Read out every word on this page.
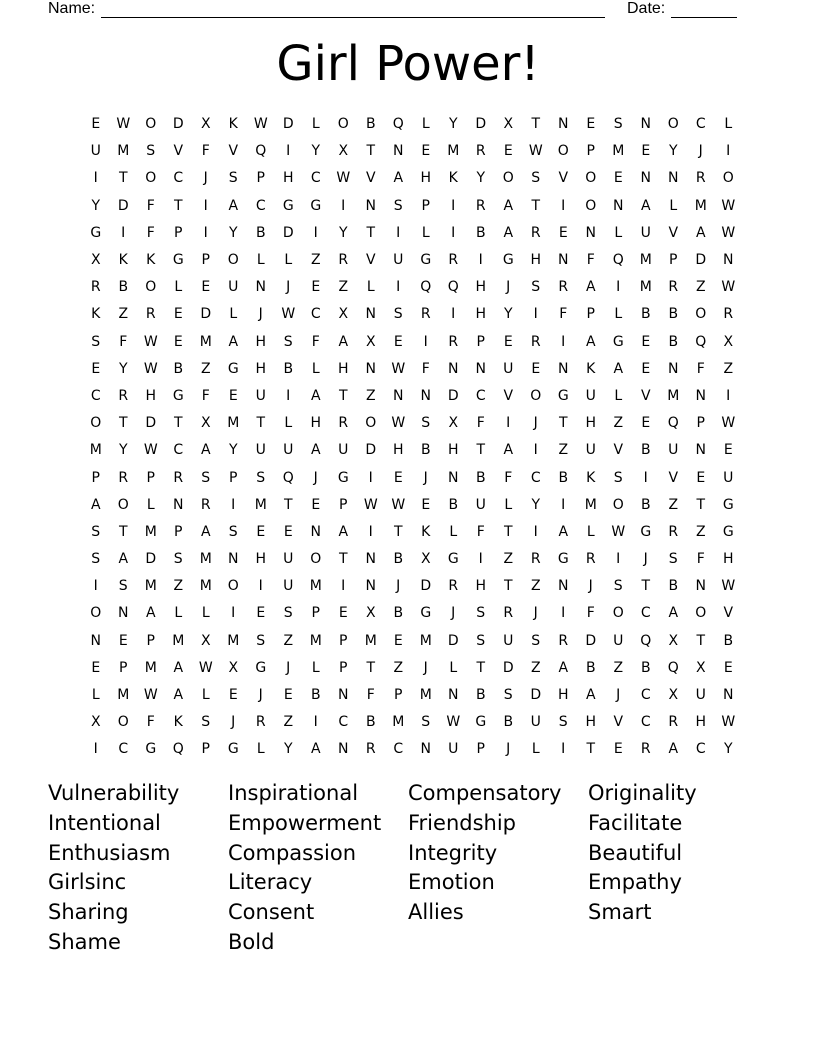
Name:	Date:
Girl Power!
E	W	O	D	X	K	W	D	L	O	B	Q	L	Y	D	X	T	N	E	S	N	O	C	L
U	M	S	V	F	V	Q	I	Y	X	T	N	E	M	R	E	W	O	P	M	E	Y	J	I
I	T	O	C	J	S	P	H	C	W	V	A	H	K	Y	O	S	V	O	E	N	N	R	O
Y	D	F	T	I	A	C	G	G	I	N	S	P	I	R	A	T	I	O	N	A	L	M	W
G	I	F	P	I	Y	B	D	I	Y	T	I	L	I	B	A	R	E	N	L	U	V	A	W
X	K	K	G	P	O	L	L	Z	R	V	U	G	R	I	G	H	N	F	Q	M	P	D	N
R	B	O	L	E	U	N	J	E	Z	L	I	Q	Q	H	J	S	R	A	I	M	R	Z	W
K	Z	R	E	D	L	J	W	C	X	N	S	R	I	H	Y	I	F	P	L	B	B	O	R
S	F	W	E	M	A	H	S	F	A	X	E	I	R	P	E	R	I	A	G	E	B	Q	X
E	Y	W	B	Z	G	H	B	L	H	N	W	F	N	N	U	E	N	K	A	E	N	F	Z
C	R	H	G	F	E	U	I	A	T	Z	N	N	D	C	V	O	G	U	L	V	M	N	I
O	T	D	T	X	M	T	L	H	R	O	W	S	X	F	I	J	T	H	Z	E	Q	P	W
M	Y	W	C	A	Y	U	U	A	U	D	H	B	H	T	A	I	Z	U	V	B	U	N	E
P	R	P	R	S	P	S	Q	J	G	I	E	J	N	B	F	C	B	K	S	I	V	E	U
A	O	L	N	R	I	M	T	E	P	W W	E	B	U	L	Y	I	M	O	B	Z	T	G
S	T	M	P	A	S	E	E	N	A	I	T	K	L	F	T	I	A	L	W	G	R	Z	G
S	A	D	S	M	N	H	U	O	T	N	B	X	G	I	Z	R	G	R	I	J	S	F	H
I	S	M	Z	M	O	I	U	M	I	N	J	D	R	H	T	Z	N	J	S	T	B	N	W
O	N	A	L	L	I	E	S	P	E	X	B	G	J	S	R	J	I	F	O	C	A	O	V
N	E	P	M	X	M	S	Z	M	P	M	E	M	D	S	U	S	R	D	U	Q	X	T	B
E	P	M	A	W	X	G	J	L	P	T	Z	J	L	T	D	Z	A	B	Z	B	Q	X	E
L	M	W	A	L	E	J	E	B	N	F	P	M	N	B	S	D	H	A	J	C	X	U	N
X	O	F	K	S	J	R	Z	I	C	B	M	S	W	G	B	U	S	H	V	C	R	H	W
I	C	G	Q	P	G	L	Y	A	N	R	C	N	U	P	J	L	I	T	E	R	A	C	Y
Vulnerability	Inspirational	Compensatory	Originality
Intentional	Empowerment	Friendship	Facilitate
Enthusiasm	Compassion	Integrity	Beautiful
Girlsinc	Literacy	Emotion	Empathy
Sharing	Consent	Allies	Smart
Shame	Bold
